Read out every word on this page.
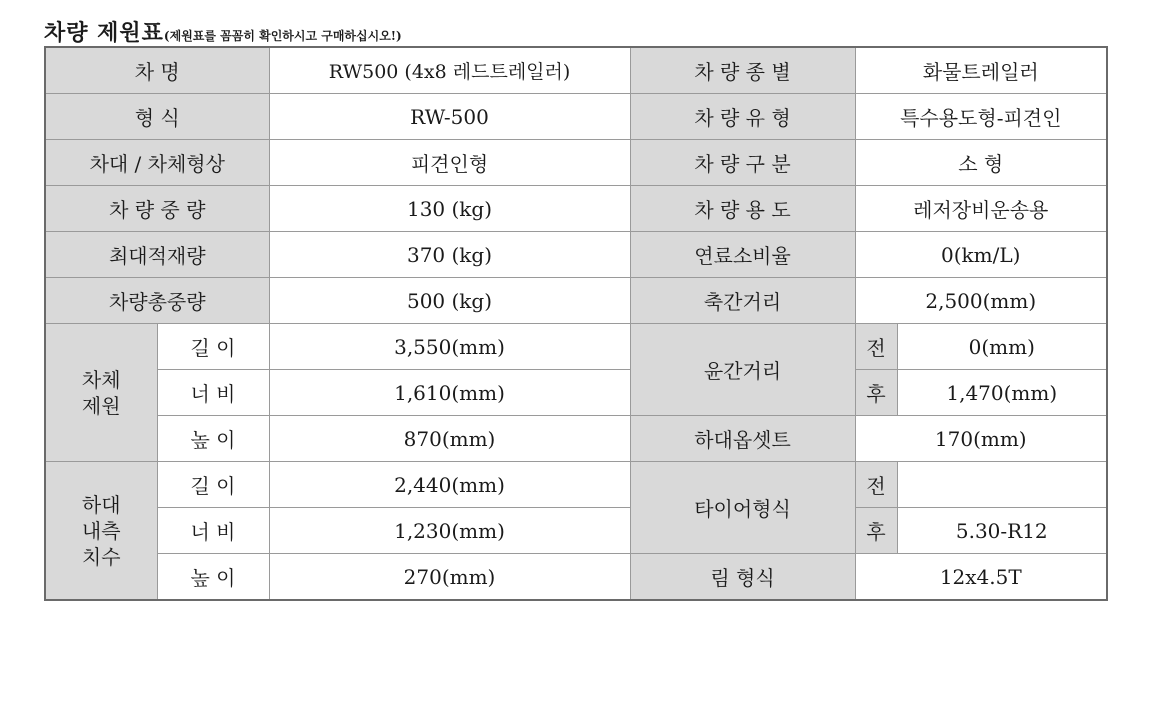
차량 제원표(제원표를 꼼꼼히 확인하시고 구매하십시오!)
차 명		RW500 (4x8 레드트레일러)	차 량 종 별	화물트레일러	
형 식		RW-500	차 량 유 형	특수용도형-피견인	
차대 / 차체형상		피견인형	차 량 구 분	소 형	
차 량 중 량		130 (kg)	차 량 용 도	레저장비운송용	
최대적재량		370 (kg)	연료소비율	0(km/L)	
차량총중량		500 (kg)	축간거리	2,500(mm)	
차체
제원	길 이	3,550(mm)	윤간거리	전	0(mm)
	너 비	1,610(mm)		후	1,470(mm)
	높 이	870(mm)	하대옵셋트	170(mm)	
하대
내측
치수	길 이	2,440(mm)	타이어형식	전	
	너 비	1,230(mm)		후	5.30-R12
	높 이	270(mm)	림 형식	12x4.5T	
